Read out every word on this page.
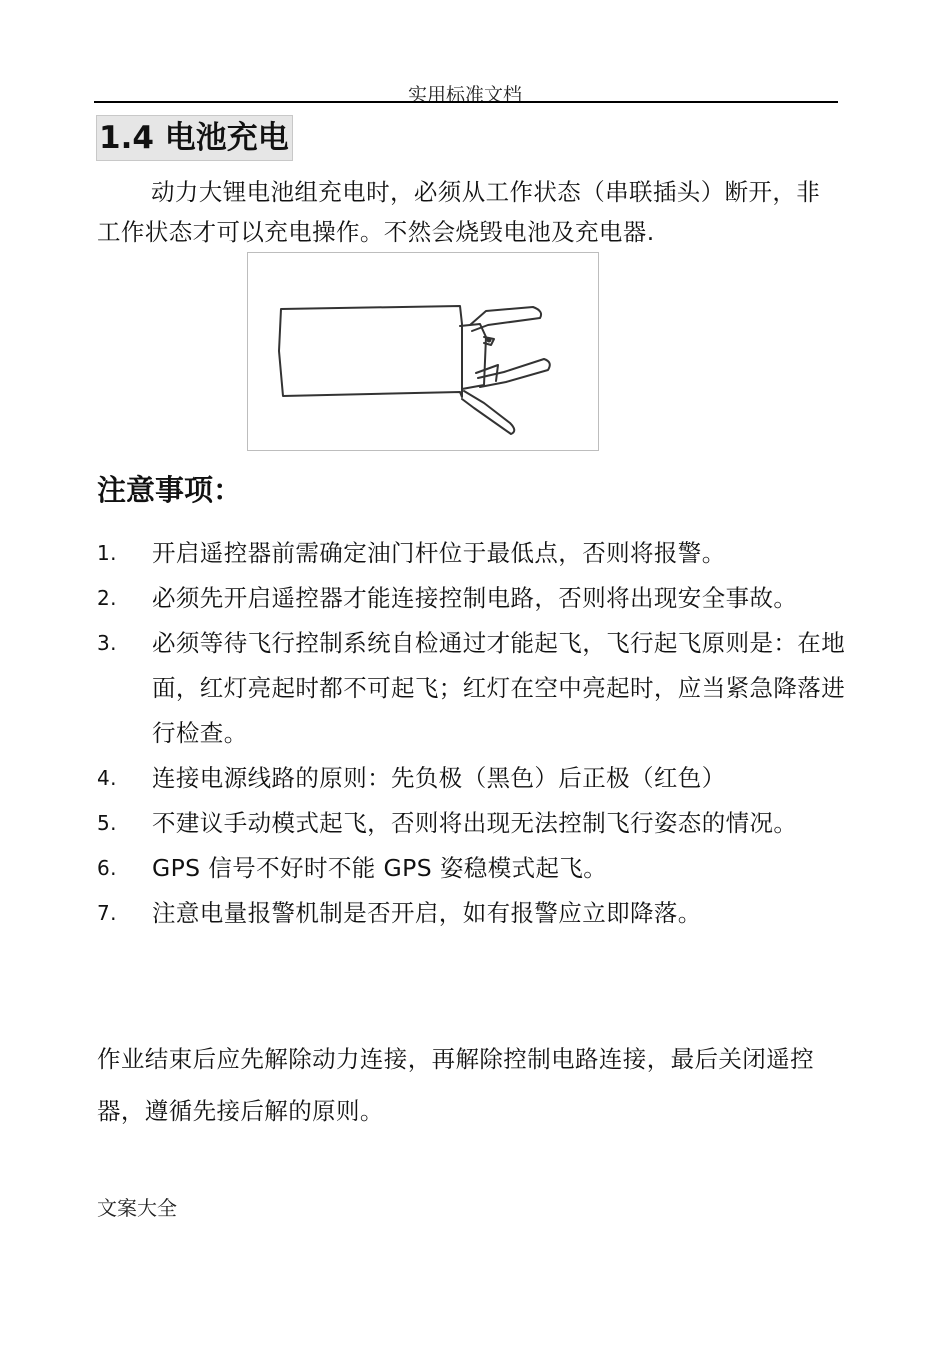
实用标准文档
1.4 电池充电

动力大锂电池组充电时，必须从工作状态（串联插头）断开，非工作状态才可以充电操作。不然会烧毁电池及充电器.

注意事项：
1. 开启遥控器前需确定油门杆位于最低点，否则将报警。
2. 必须先开启遥控器才能连接控制电路，否则将出现安全事故。
3. 必须等待飞行控制系统自检通过才能起飞，飞行起飞原则是：在地面，红灯亮起时都不可起飞；红灯在空中亮起时，应当紧急降落进行检查。
4. 连接电源线路的原则：先负极（黑色）后正极（红色）
5. 不建议手动模式起飞，否则将出现无法控制飞行姿态的情况。
6. GPS 信号不好时不能 GPS 姿稳模式起飞。
7. 注意电量报警机制是否开启，如有报警应立即降落。

作业结束后应先解除动力连接，再解除控制电路连接，最后关闭遥控器，遵循先接后解的原则。

文案大全
